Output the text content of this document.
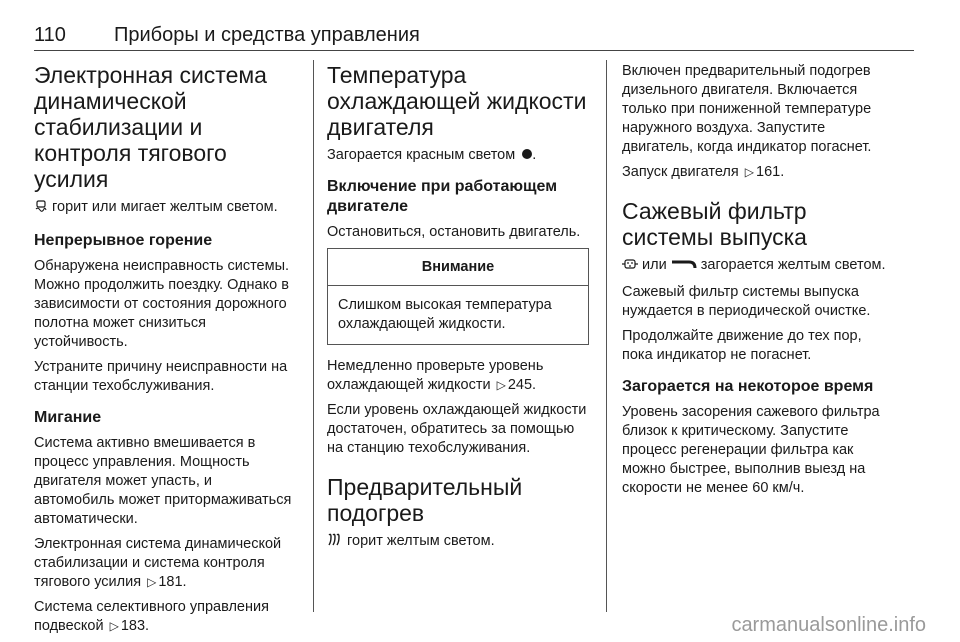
110 Приборы и средства управления
Электронная система динамической стабилизации и контроля тягового усилия

горит или мигает желтым светом.

Непрерывное горение

Обнаружена неисправность системы. Можно продолжить поездку. Однако в зависимости от состояния дорожного полотна может снизиться устойчивость.

Устраните причину неисправности на станции техобслуживания.

Мигание

Система активно вмешивается в процесс управления. Мощность двигателя может упасть, и автомобиль может притормаживаться автоматически.

Электронная система динамической стабилизации и система контроля тягового усилия ▷ 181.

Система селективного управления подвеской ▷ 183.

Температура охлаждающей жидкости двигателя

Загорается красным светом .

Включение при работающем двигателе

Остановиться, остановить двигатель.

Внимание
Слишком высокая температура охлаждающей жидкости.

Немедленно проверьте уровень охлаждающей жидкости ▷ 245.

Если уровень охлаждающей жидкости достаточен, обратитесь за помощью на станцию техобслуживания.

Предварительный подогрев

горит желтым светом.

Включен предварительный подогрев дизельного двигателя. Включается только при пониженной температуре наружного воздуха. Запустите двигатель, когда индикатор погаснет.

Запуск двигателя ▷ 161.

Сажевый фильтр системы выпуска

или загорается желтым светом.

Сажевый фильтр системы выпуска нуждается в периодической очистке.

Продолжайте движение до тех пор, пока индикатор не погаснет.

Загорается на некоторое время

Уровень засорения сажевого фильтра близок к критическому. Запустите процесс регенерации фильтра как можно быстрее, выполнив выезд на скорости не менее 60 км/ч.

carmanualsonline.info
